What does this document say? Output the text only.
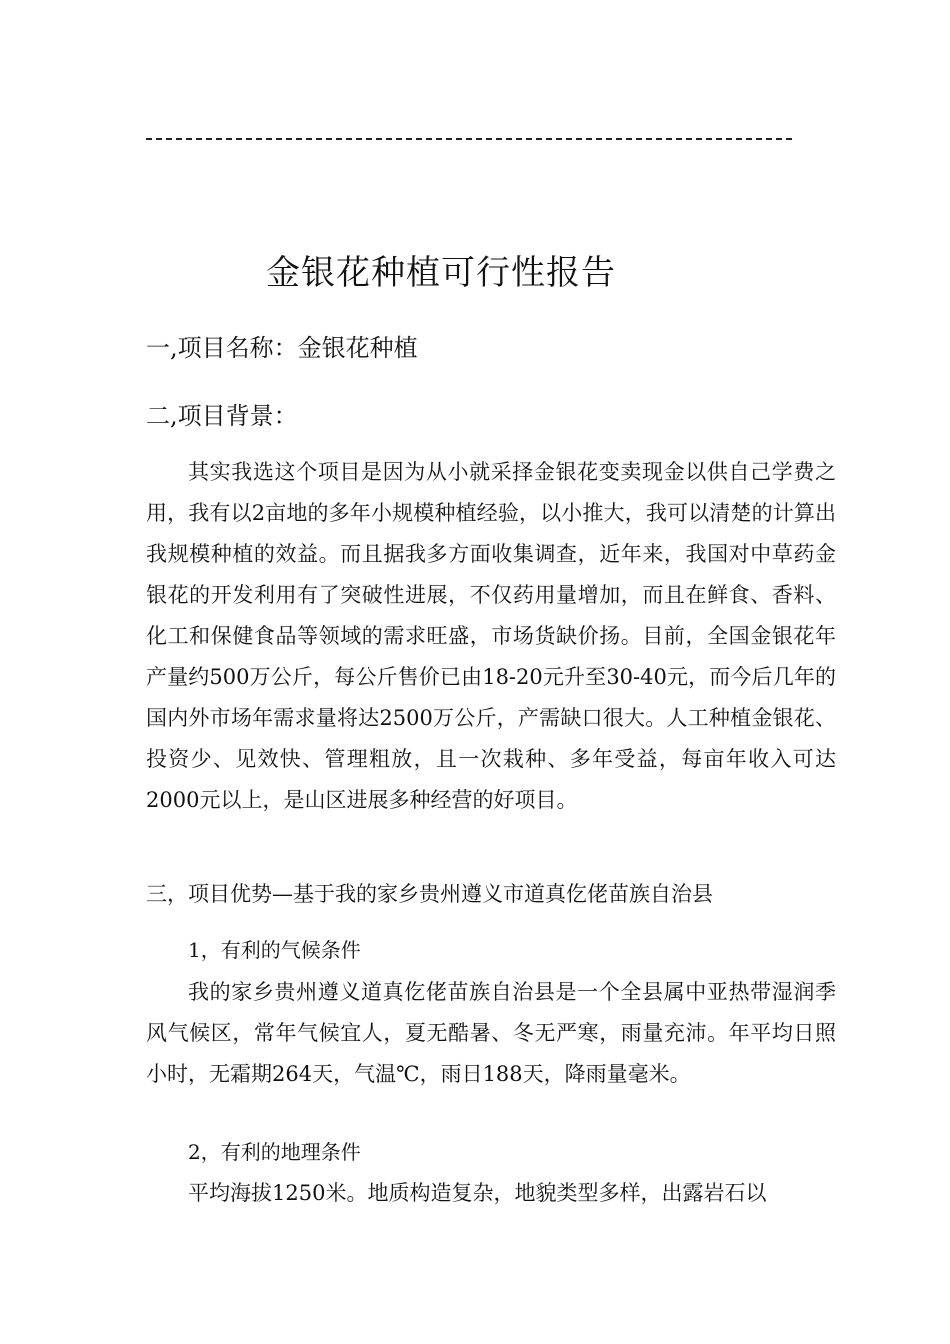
金银花种植可行性报告
一,项目名称：金银花种植
二,项目背景：
其实我选这个项目是因为从小就采择金银花变卖现金以供自己学费之用，我有以2亩地的多年小规模种植经验，以小推大，我可以清楚的计算出我规模种植的效益。而且据我多方面收集调查，近年来，我国对中草药金银花的开发利用有了突破性进展，不仅药用量增加，而且在鲜食、香料、化工和保健食品等领域的需求旺盛，市场货缺价扬。目前，全国金银花年产量约500万公斤，每公斤售价已由18-20元升至30-40元，而今后几年的国内外市场年需求量将达2500万公斤，产需缺口很大。人工种植金银花、投资少、见效快、管理粗放，且一次栽种、多年受益，每亩年收入可达2000元以上，是山区进展多种经营的好项目。
三，项目优势—基于我的家乡贵州遵义市道真仡佬苗族自治县
1，有利的气候条件
我的家乡贵州遵义道真仡佬苗族自治县是一个全县属中亚热带湿润季风气候区，常年气候宜人，夏无酷暑、冬无严寒，雨量充沛。年平均日照小时，无霜期264天，气温℃，雨日188天，降雨量毫米。
2，有利的地理条件
平均海拔1250米。地质构造复杂，地貌类型多样，出露岩石以
